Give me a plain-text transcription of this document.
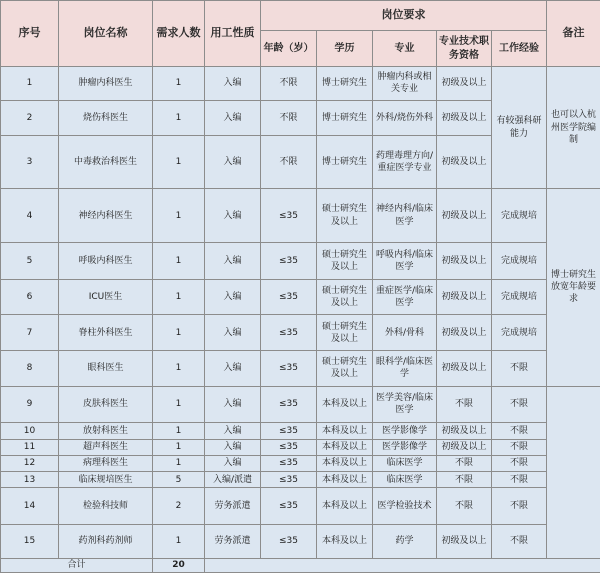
序号	岗位名称	需求人数	用工性质	岗位要求					备注
				年龄（岁）	学历	专业	专业技术职务资格	工作经验	
1	肿瘤内科医生	1	入编	不限	博士研究生	肿瘤内科或相关专业	初级及以上	有较强科研能力	也可以入杭州医学院编制
2	烧伤科医生	1	入编	不限	博士研究生	外科/烧伤外科	初级及以上		
3	中毒救治科医生	1	入编	不限	博士研究生	药理毒理方向/重症医学专业	初级及以上		
4	神经内科医生	1	入编	≤35	硕士研究生及以上	神经内科/临床医学	初级及以上	完成规培	博士研究生放宽年龄要求
5	呼吸内科医生	1	入编	≤35	硕士研究生及以上	呼吸内科/临床医学	初级及以上	完成规培	
6	ICU医生	1	入编	≤35	硕士研究生及以上	重症医学/临床医学	初级及以上	完成规培	
7	脊柱外科医生	1	入编	≤35	硕士研究生及以上	外科/骨科	初级及以上	完成规培	
8	眼科医生	1	入编	≤35	硕士研究生及以上	眼科学/临床医学	初级及以上	不限	
9	皮肤科医生	1	入编	≤35	本科及以上	医学美容/临床医学	不限	不限	
10	放射科医生	1	入编	≤35	本科及以上	医学影像学	初级及以上	不限	
11	超声科医生	1	入编	≤35	本科及以上	医学影像学	初级及以上	不限	
12	病理科医生	1	入编	≤35	本科及以上	临床医学	不限	不限	
13	临床规培医生	5	入编/派遣	≤35	本科及以上	临床医学	不限	不限	
14	检验科技师	2	劳务派遣	≤35	本科及以上	医学检验技术	不限	不限	
15	药剂科药剂师	1	劳务派遣	≤35	本科及以上	药学	初级及以上	不限	
合计		20							
